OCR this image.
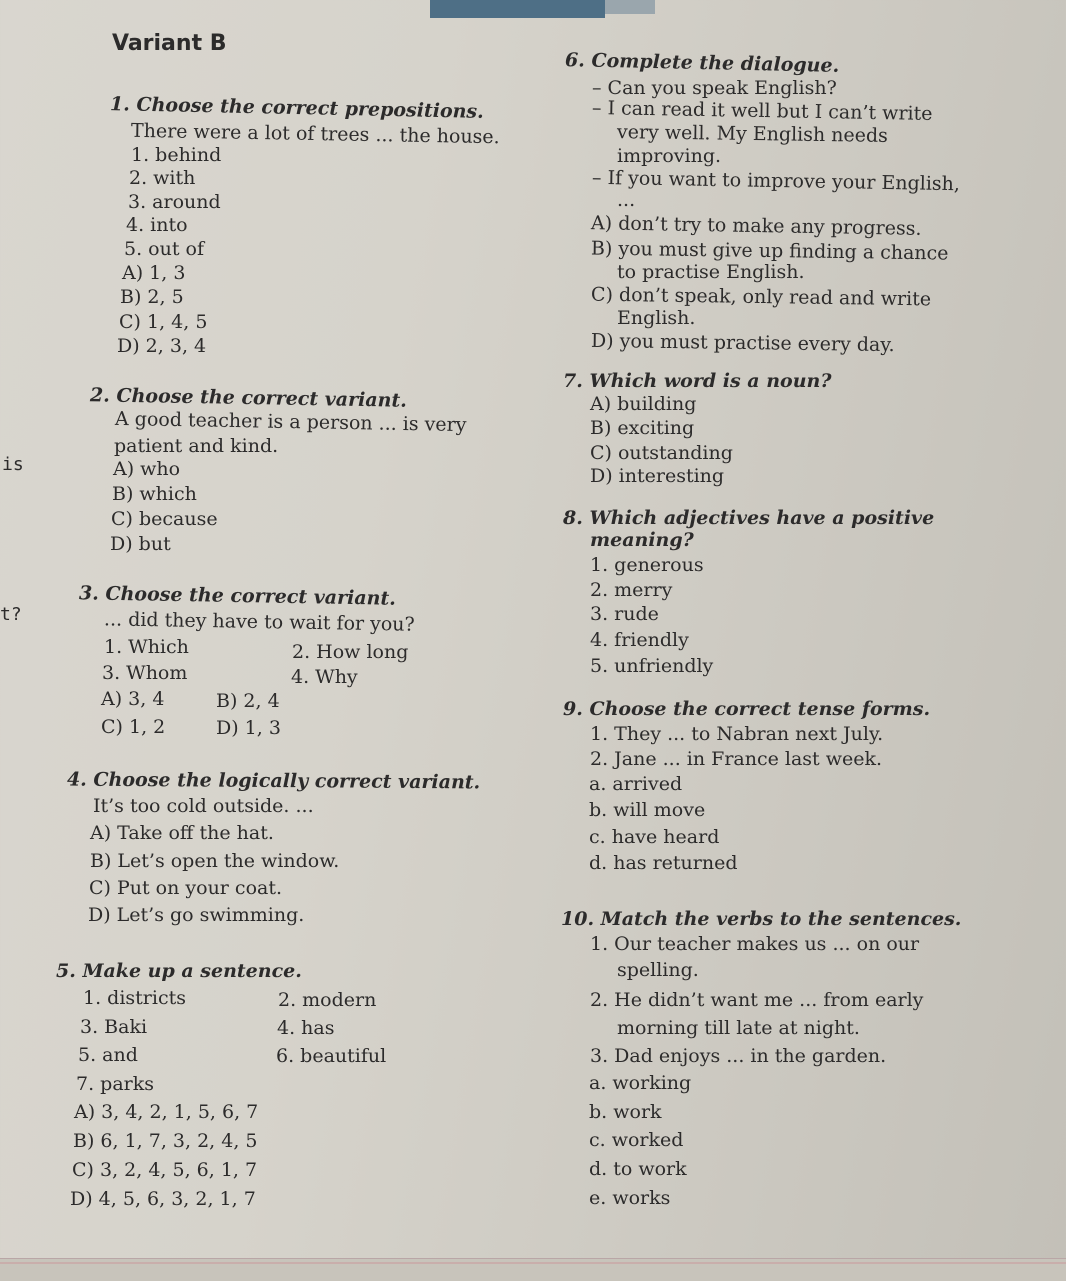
is
t?
Variant B
1. Choose the correct prepositions.
There were a lot of trees ... the house.
1. behind
2. with
3. around
4. into
5. out of
A) 1, 3
B) 2, 5
C) 1, 4, 5
D) 2, 3, 4
2. Choose the correct variant.
A good teacher is a person ... is very
patient and kind.
A) who
B) which
C) because
D) but
3. Choose the correct variant.
... did they have to wait for you?
1. Which	2. How long
3. Whom	4. Why
A) 3, 4	B) 2, 4
C) 1, 2	D) 1, 3
4. Choose the logically correct variant.
It’s too cold outside. ...
A) Take off the hat.
B) Let’s open the window.
C) Put on your coat.
D) Let’s go swimming.
5. Make up a sentence.
1. districts	2. modern
3. Baki	4. has
5. and	6. beautiful
7. parks
A) 3, 4, 2, 1, 5, 6, 7
B) 6, 1, 7, 3, 2, 4, 5
C) 3, 2, 4, 5, 6, 1, 7
D) 4, 5, 6, 3, 2, 1, 7
6. Complete the dialogue.
– Can you speak English?
– I can read it well but I can’t write
very well. My English needs
improving.
– If you want to improve your English,
...
A) don’t try to make any progress.
B) you must give up finding a chance
to practise English.
C) don’t speak, only read and write
English.
D) you must practise every day.
7. Which word is a noun?
A) building
B) exciting
C) outstanding
D) interesting
8. Which adjectives have a positive
meaning?
1. generous
2. merry
3. rude
4. friendly
5. unfriendly
9. Choose the correct tense forms.
1. They ... to Nabran next July.
2. Jane ... in France last week.
a. arrived
b. will move
c. have heard
d. has returned
10. Match the verbs to the sentences.
1. Our teacher makes us ... on our
spelling.
2. He didn’t want me ... from early
morning till late at night.
3. Dad enjoys ... in the garden.
a. working
b. work
c. worked
d. to work
e. works
